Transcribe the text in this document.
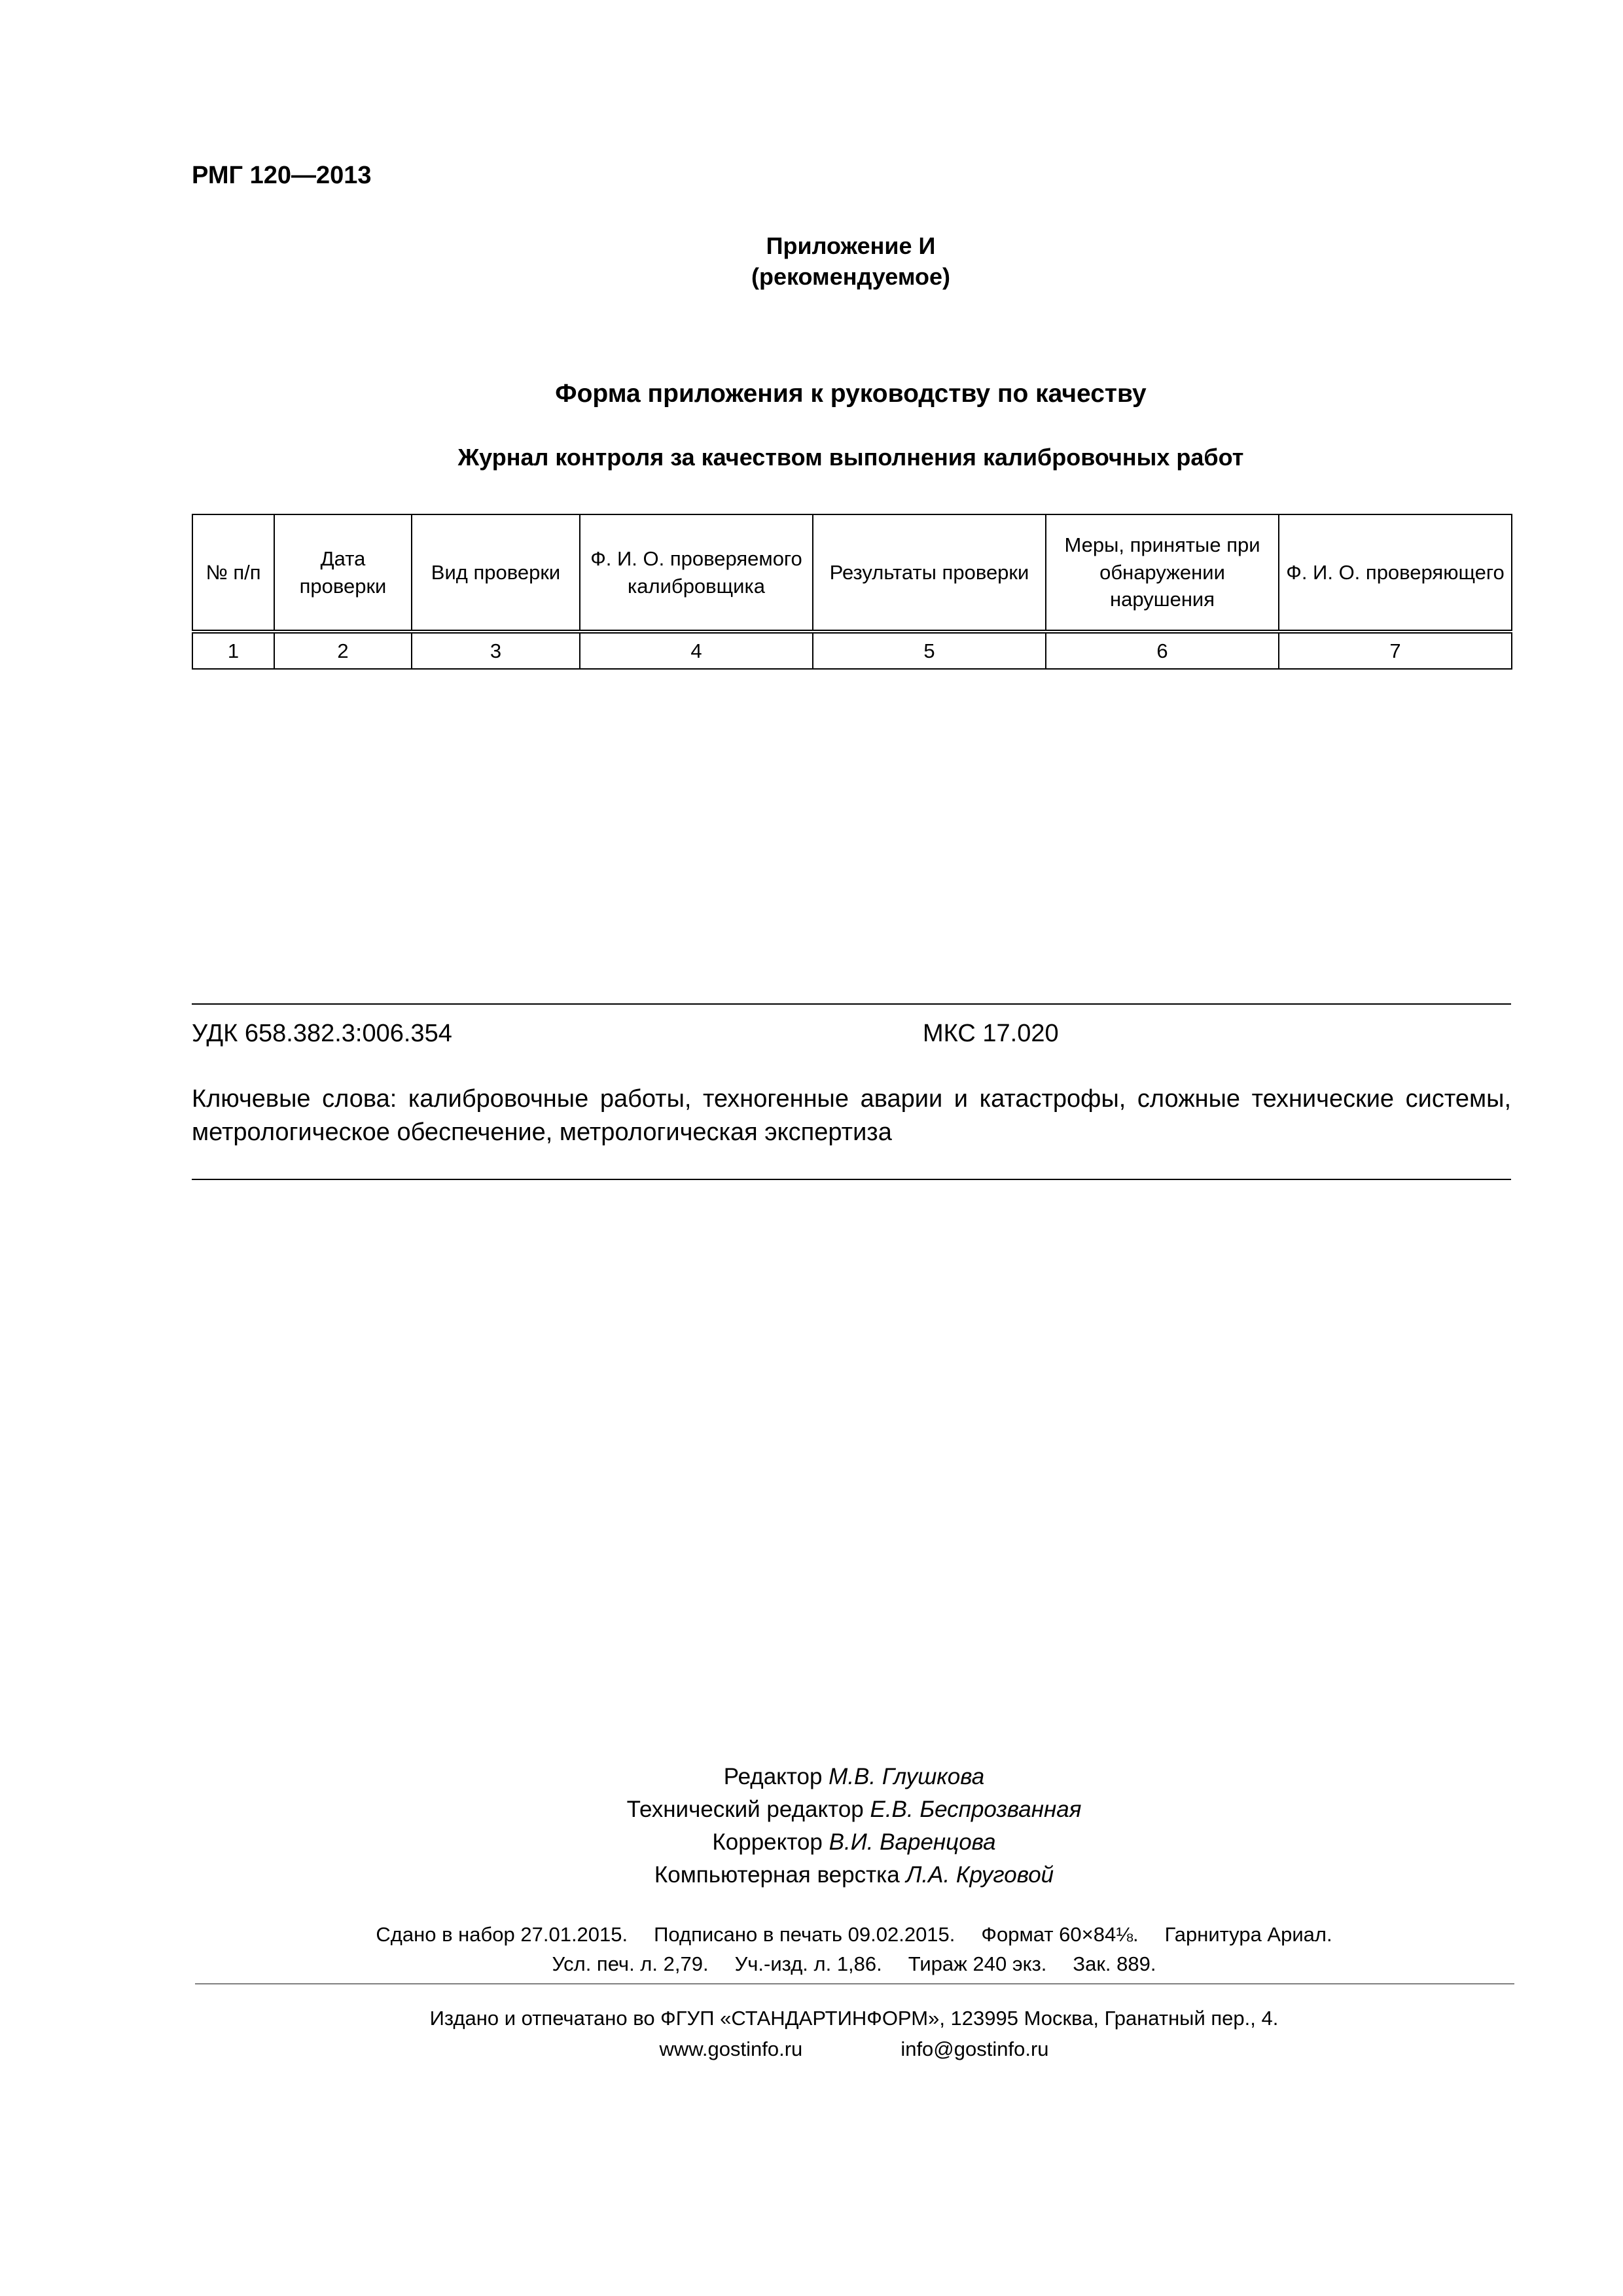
РМГ 120—2013
Приложение И
(рекомендуемое)
Форма приложения к руководству по качеству
Журнал контроля за качеством выполнения калибровочных работ
№ п/п	Дата проверки	Вид проверки	Ф. И. О. проверяемого калибровщика	Результаты проверки	Меры, принятые при обнаружении нарушения	Ф. И. О. проверяющего
1	2	3	4	5	6	7
УДК 658.382.3:006.354	МКС 17.020
Ключевые слова: калибровочные работы, техногенные аварии и катастрофы, сложные технические системы, метрологическое обеспечение, метрологическая экспертиза
Редактор М.В. Глушкова
Технический редактор Е.В. Беспрозванная
Корректор В.И. Варенцова
Компьютерная верстка Л.А. Круговой
Сдано в набор 27.01.2015. Подписано в печать 09.02.2015. Формат 60×84⅛. Гарнитура Ариал.
Усл. печ. л. 2,79. Уч.-изд. л. 1,86. Тираж 240 экз. Зак. 889.
Издано и отпечатано во ФГУП «СТАНДАРТИНФОРМ», 123995 Москва, Гранатный пер., 4.
www.gostinfo.ru	info@gostinfo.ru
